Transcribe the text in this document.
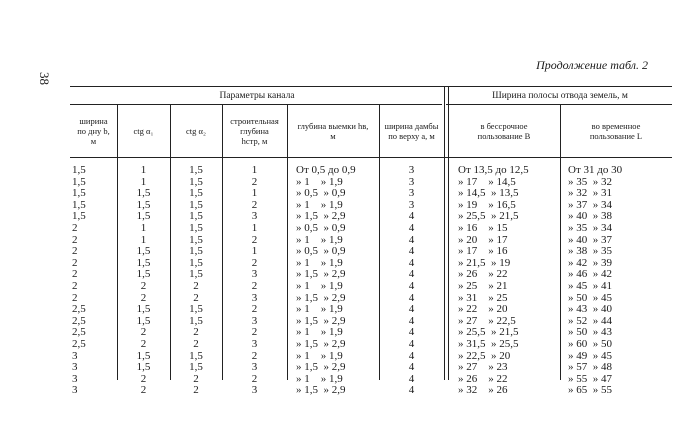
38
Продолжение табл. 2
Параметры канала	Ширина полосы отвода земель, м
ширина
по дну b,
м
ctg α₁	ctg α₂
строительная
глубина
hстр, м
глубина выемки hв,
м
ширина дамбы
по верху a, м
в бессрочное
пользование B
во временное
пользование L
1,5
1,5
1,5
1,5
1,5
2
2
2
2
2
2
2
2,5
2,5
2,5
2,5
3
3
3
3
1
1
1,5
1,5
1,5
1
1
1,5
1,5
1,5
2
2
1,5
1,5
2
2
1,5
1,5
2
2
1,5
1,5
1,5
1,5
1,5
1,5
1,5
1,5
1,5
1,5
2
2
1,5
1,5
2
2
1,5
1,5
2
2
1
2
1
2
3
1
2
1
2
3
2
3
2
3
2
3
2
3
2
3
От 0,5 до 0,9
» 1    » 1,9
» 0,5  » 0,9
» 1    » 1,9
» 1,5  » 2,9
» 0,5  » 0,9
» 1    » 1,9
» 0,5  » 0,9
» 1    » 1,9
» 1,5  » 2,9
» 1    » 1,9
» 1,5  » 2,9
» 1    » 1,9
» 1,5  » 2,9
» 1    » 1,9
» 1,5  » 2,9
» 1    » 1,9
» 1,5  » 2,9
» 1    » 1,9
» 1,5  » 2,9
3
3
3
3
4
4
4
4
4
4
4
4
4
4
4
4
4
4
4
4
От 13,5 до 12,5
» 17    » 14,5
» 14,5  » 13,5
» 19    » 16,5
» 25,5  » 21,5
» 16    » 15
» 20    » 17
» 17    » 16
» 21,5  » 19
» 26    » 22
» 25    » 21
» 31    » 25
» 22    » 20
» 27    » 22,5
» 25,5  » 21,5
» 31,5  » 25,5
» 22,5  » 20
» 27    » 23
» 26    » 22
» 32    » 26
От 31 до 30
» 35  » 32
» 32  » 31
» 37  » 34
» 40  » 38
» 35  » 34
» 40  » 37
» 38  » 35
» 42  » 39
» 46  » 42
» 45  » 41
» 50  » 45
» 43  » 40
» 52  » 44
» 50  » 43
» 60  » 50
» 49  » 45
» 57  » 48
» 55  » 47
» 65  » 55
